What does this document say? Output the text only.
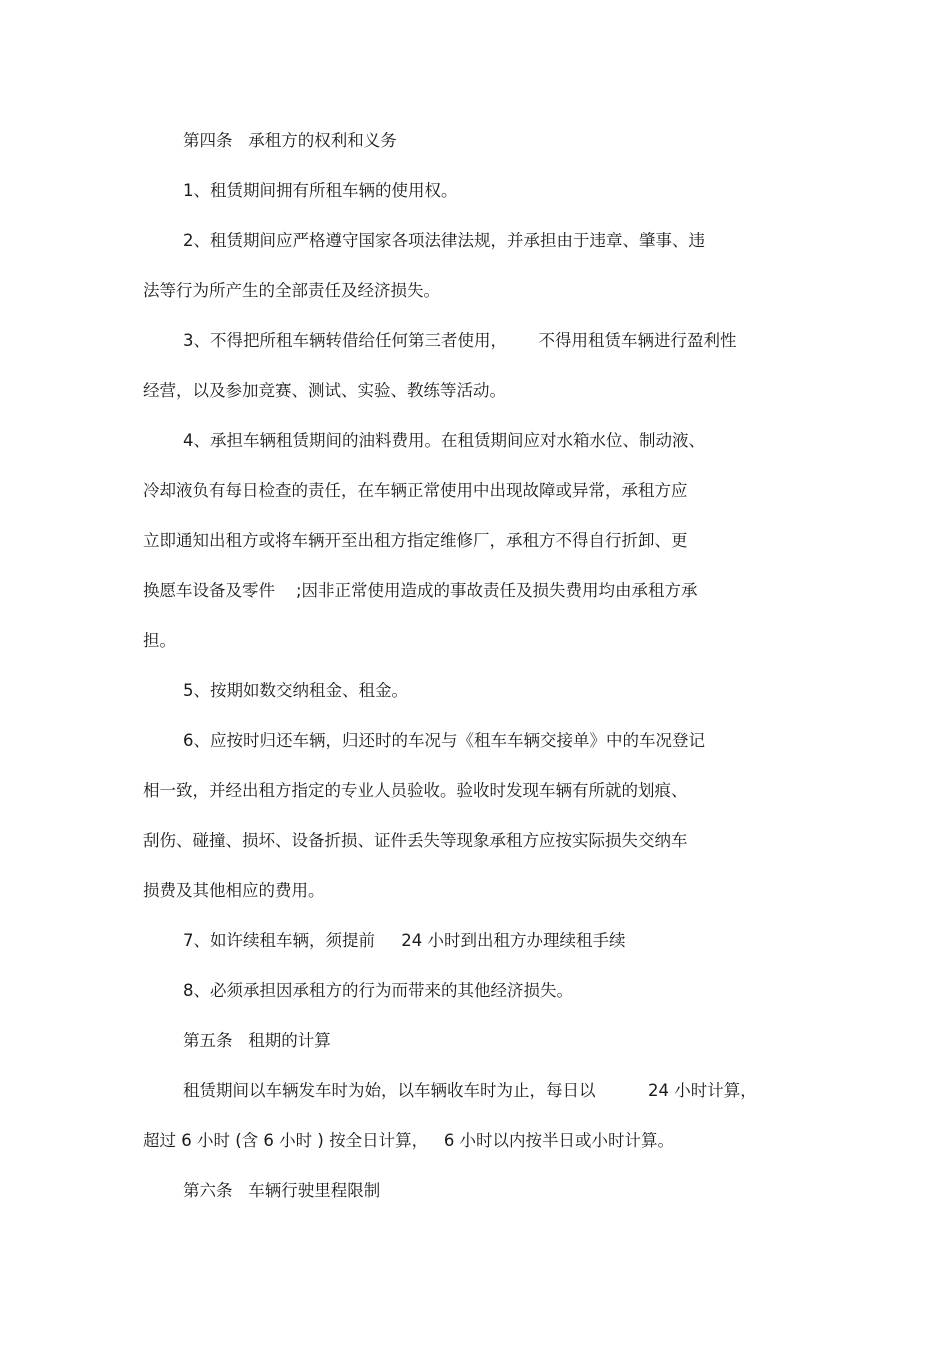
第四条   承租方的权利和义务

1、租赁期间拥有所租车辆的使用权。

2、租赁期间应严格遵守国家各项法律法规，并承担由于违章、肇事、违

法等行为所产生的全部责任及经济损失。

3、不得把所租车辆转借给任何第三者使用，      不得用租赁车辆进行盈利性

经营，以及参加竞赛、测试、实验、教练等活动。

4、承担车辆租赁期间的油料费用。在租赁期间应对水箱水位、制动液、

冷却液负有每日检查的责任，在车辆正常使用中出现故障或异常，承租方应

立即通知出租方或将车辆开至出租方指定维修厂，承租方不得自行折卸、更

换愿车设备及零件    ;因非正常使用造成的事故责任及损失费用均由承租方承

担。

5、按期如数交纳租金、租金。

6、应按时归还车辆，归还时的车况与《租车车辆交接单》中的车况登记

相一致，并经出租方指定的专业人员验收。验收时发现车辆有所就的划痕、

刮伤、碰撞、损坏、设备折损、证件丢失等现象承租方应按实际损失交纳车

损费及其他相应的费用。

7、如许续租车辆，须提前     24 小时到出租方办理续租手续

8、必须承担因承租方的行为而带来的其他经济损失。

第五条   租期的计算

租赁期间以车辆发车时为始，以车辆收车时为止，每日以          24 小时计算，

超过 6 小时 (含 6 小时 ) 按全日计算，   6 小时以内按半日或小时计算。

第六条   车辆行驶里程限制
